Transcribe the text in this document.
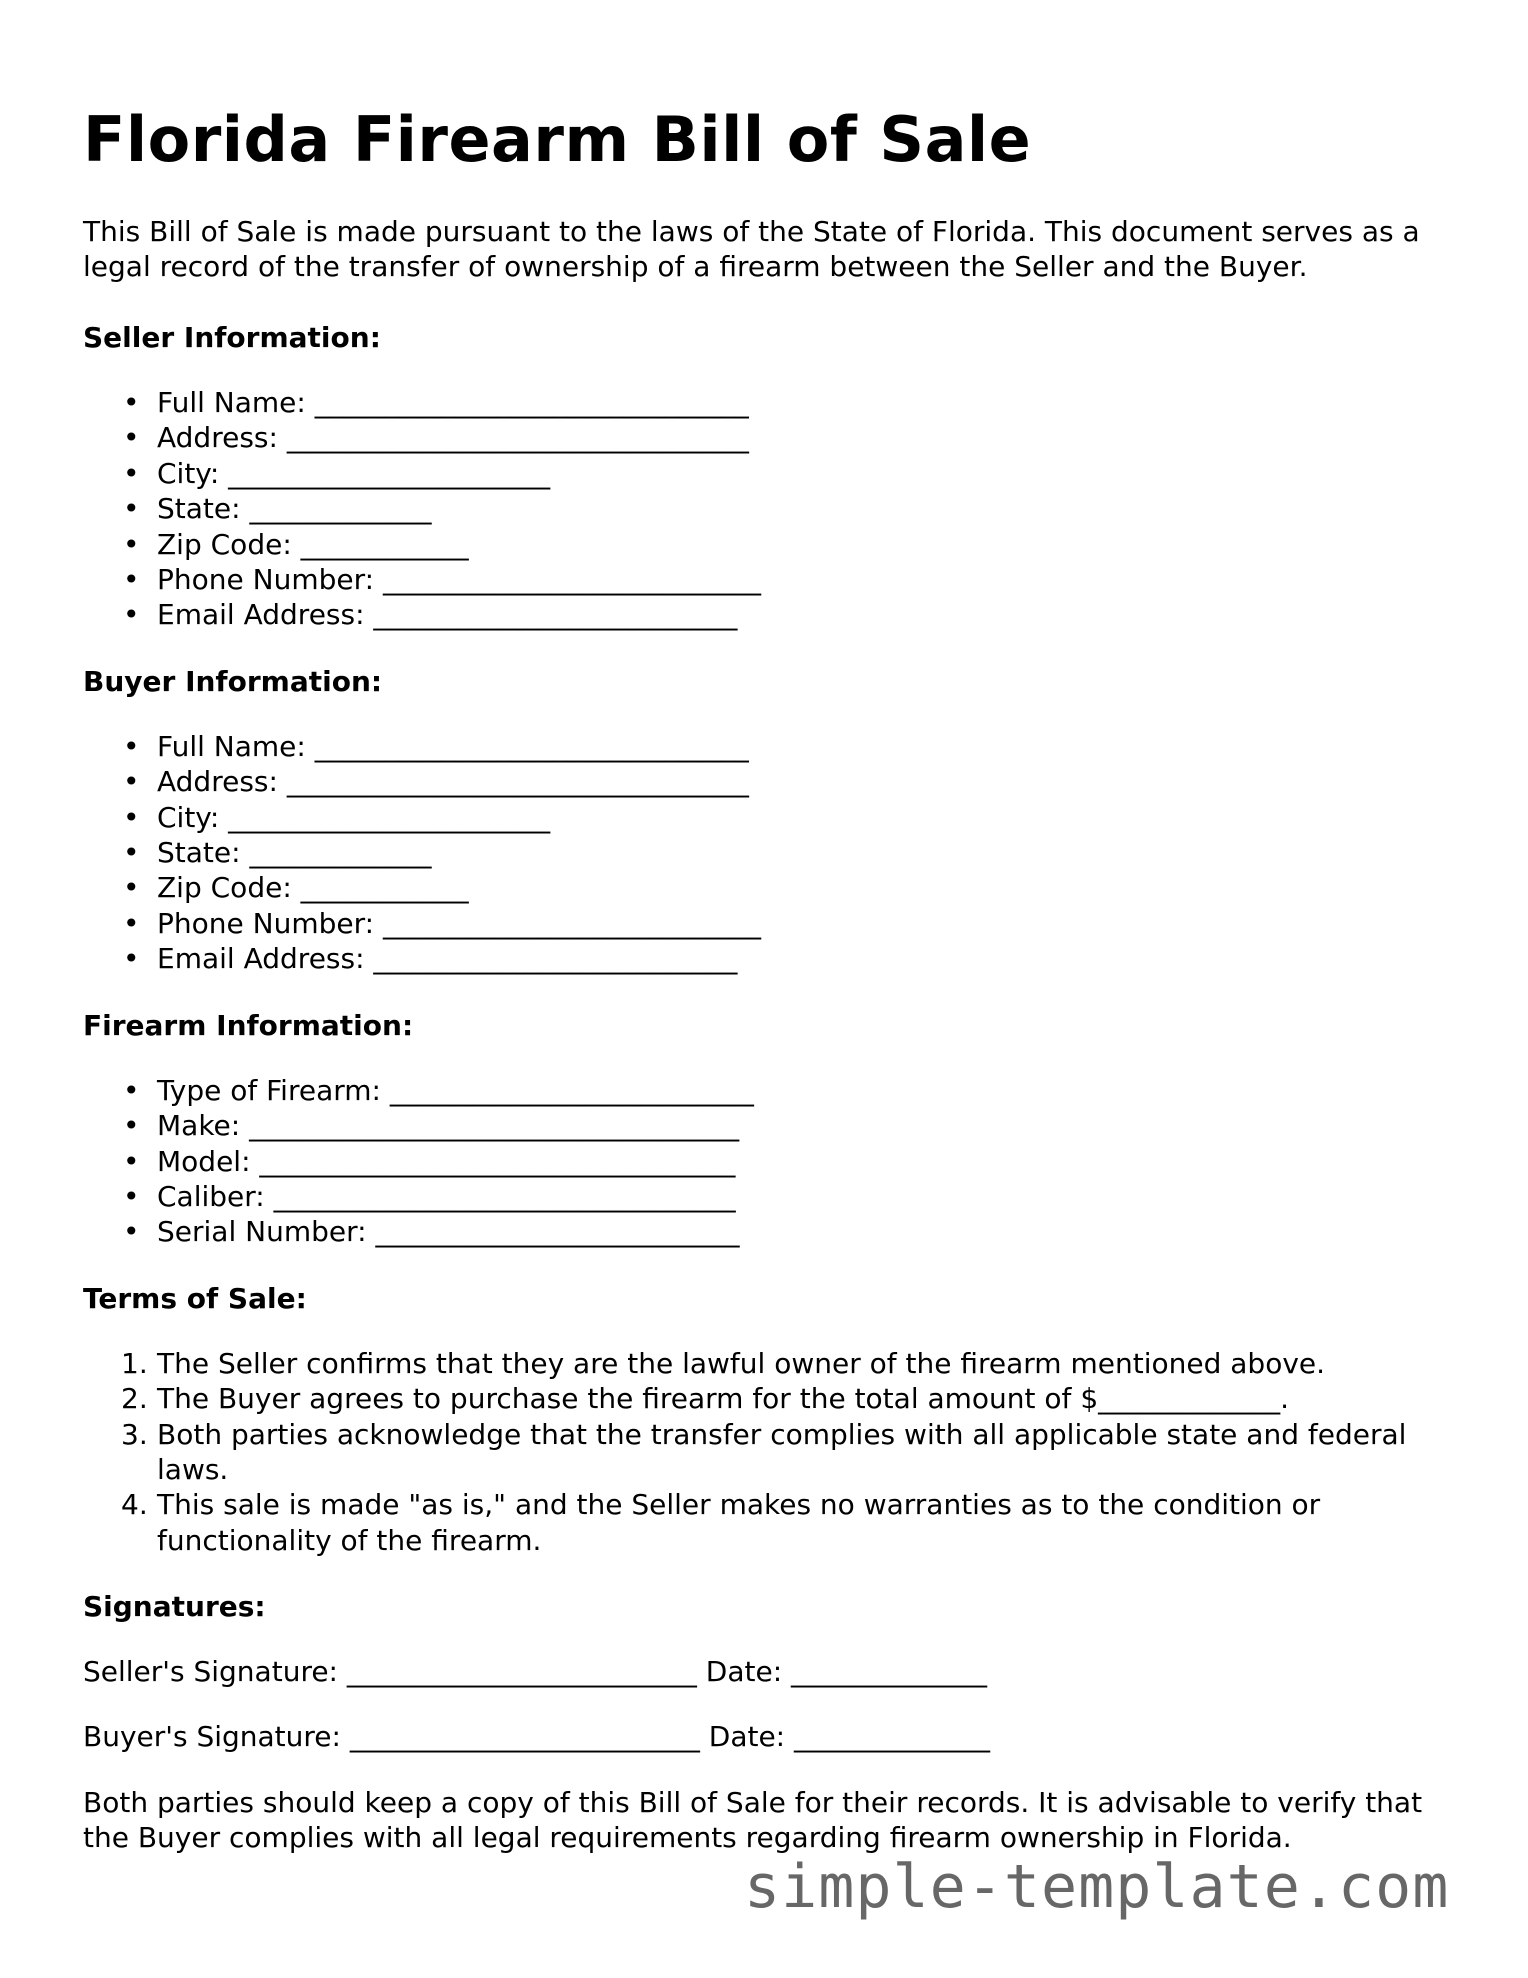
Florida Firearm Bill of Sale

This Bill of Sale is made pursuant to the laws of the State of Florida. This document serves as a legal record of the transfer of ownership of a firearm between the Seller and the Buyer.

Seller Information:
• Full Name: _______________________________
• Address: _________________________________
• City: _______________________
• State: _____________
• Zip Code: ____________
• Phone Number: ___________________________
• Email Address: __________________________
Buyer Information:
• Full Name: _______________________________
• Address: _________________________________
• City: _______________________
• State: _____________
• Zip Code: ____________
• Phone Number: ___________________________
• Email Address: __________________________
Firearm Information:
• Type of Firearm: __________________________
• Make: ___________________________________
• Model: __________________________________
• Caliber: _________________________________
• Serial Number: __________________________
Terms of Sale:
1. The Seller confirms that they are the lawful owner of the firearm mentioned above.
2. The Buyer agrees to purchase the firearm for the total amount of $_____________.
3. Both parties acknowledge that the transfer complies with all applicable state and federal laws.
4. This sale is made "as is," and the Seller makes no warranties as to the condition or functionality of the firearm.
Signatures:

Seller's Signature: _________________________ Date: ______________

Buyer's Signature: _________________________ Date: ______________

Both parties should keep a copy of this Bill of Sale for their records. It is advisable to verify that the Buyer complies with all legal requirements regarding firearm ownership in Florida.

simple-template.com
